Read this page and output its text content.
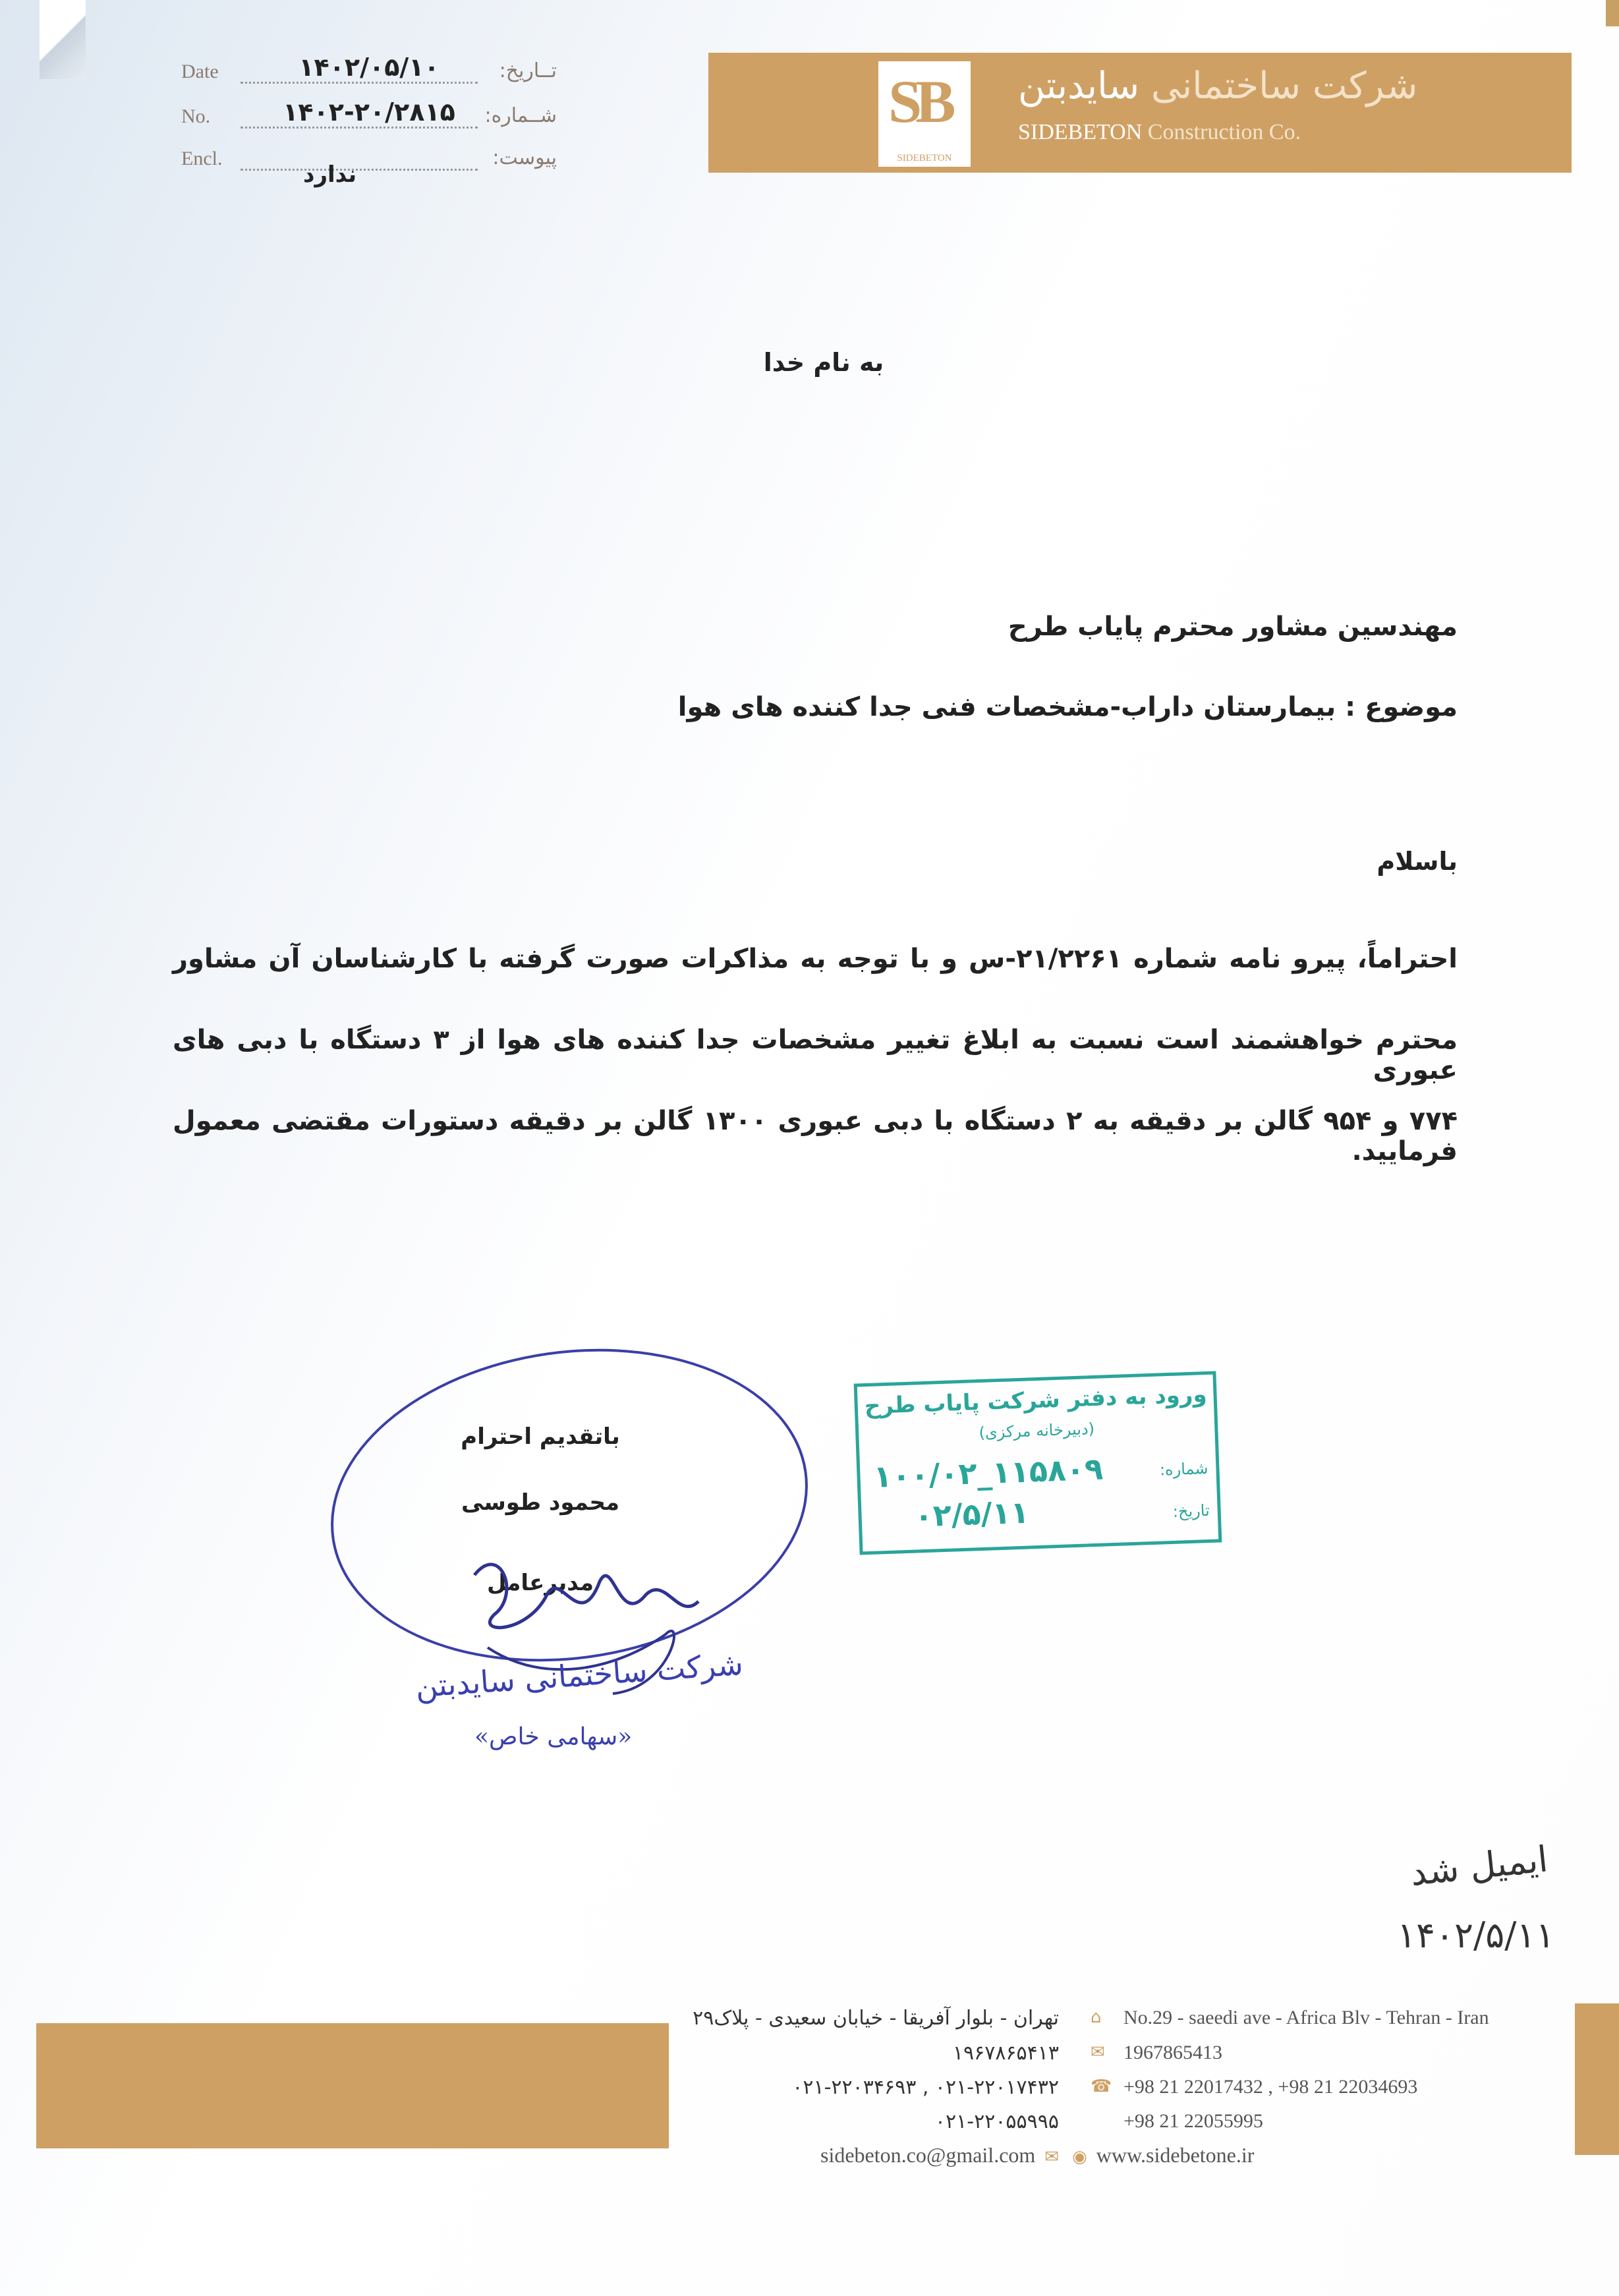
Date	۱۴۰۲/۰۵/۱۰	تــاریخ:
No.	۱۴۰۲-۲۰/۲۸۱۵	شــماره:
Encl.	پیوست:
ندارد
SB
SIDEBETON
شرکت ساختمانی سایدبتن
SIDEBETON Construction Co.
به نام خدا
مهندسین مشاور محترم پایاب طرح
موضوع : بیمارستان داراب-مشخصات فنی جدا کننده های هوا
باسلام
احتراماً، پیرو نامه شماره ۲۱/۲۲۶۱-س و با توجه به مذاکرات صورت گرفته با کارشناسان آن مشاور
محترم خواهشمند است نسبت به ابلاغ تغییر مشخصات جدا کننده های هوا از ۳ دستگاه با دبی های عبوری
۷۷۴ و ۹۵۴ گالن بر دقیقه به ۲ دستگاه با دبی عبوری ۱۳۰۰ گالن بر دقیقه دستورات مقتضی معمول فرمایید.
باتقدیم احترام
محمود طوسی
مدیرعامل
شرکت ساختمانی سایدبتن
«سهامی خاص»
ورود به دفتر شرکت پایاب طرح
(دبیرخانه مرکزی)
شماره:
۱۰۰/۰۲_۱۱۵۸۰۹
تاریخ:
۰۲/۵/۱۱
ایمیل شد
۱۴۰۲/۵/۱۱
تهران - بلوار آفریقا - خیابان سعیدی - پلاک۲۹ ⌂ No.29 - saeedi ave - Africa Blv - Tehran - Iran
۱۹۶۷۸۶۵۴۱۳ ✉ 1967865413
۰۲۱-۲۲۰۱۷۴۳۲ , ۰۲۱-۲۲۰۳۴۶۹۳ ☎ +98 21 22017432 , +98 21 22034693
۰۲۱-۲۲۰۵۵۹۹۵	+98 21 22055995
sidebeton.co@gmail.com ✉ ◉ www.sidebetone.ir
